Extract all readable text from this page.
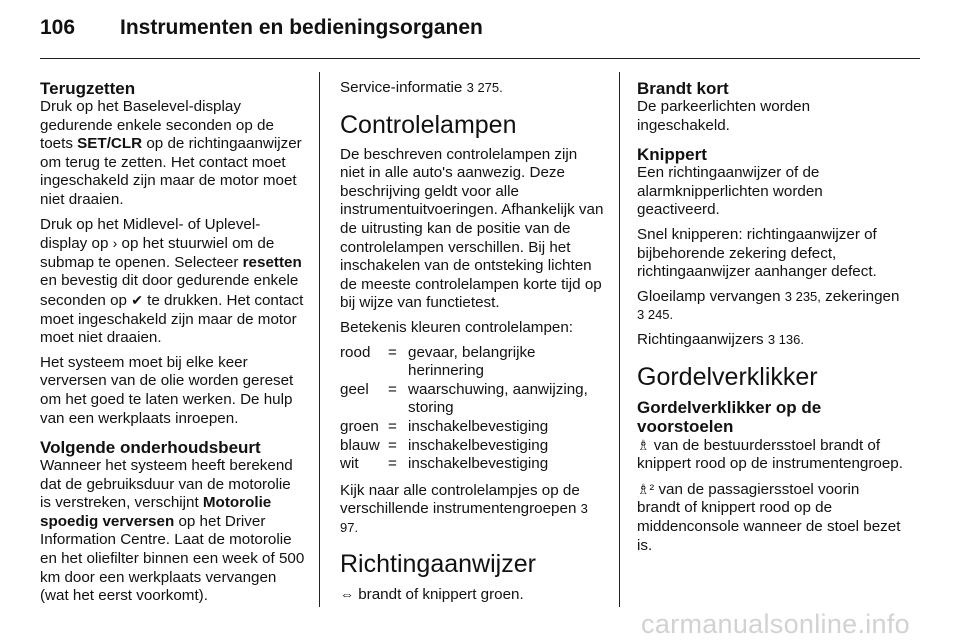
106 Instrumenten en bedieningsorganen
Terugzetten

Druk op het Baselevel-display gedurende enkele seconden op de toets SET/CLR op de richtingaanwijzer om terug te zetten. Het contact moet ingeschakeld zijn maar de motor moet niet draaien.

Druk op het Midlevel- of Uplevel-display op › op het stuurwiel om de submap te openen. Selecteer resetten en bevestig dit door gedurende enkele seconden op ✔ te drukken. Het contact moet ingeschakeld zijn maar de motor moet niet draaien.

Het systeem moet bij elke keer verversen van de olie worden gereset om het goed te laten werken. De hulp van een werkplaats inroepen.

Volgende onderhoudsbeurt

Wanneer het systeem heeft berekend dat de gebruiksduur van de motorolie is verstreken, verschijnt Motorolie spoedig verversen op het Driver Information Centre. Laat de motorolie en het oliefilter binnen een week of 500 km door een werkplaats vervangen (wat het eerst voorkomt).

Service-informatie 3 275.

Controlelampen

De beschreven controlelampen zijn niet in alle auto's aanwezig. Deze beschrijving geldt voor alle instrumentuitvoeringen. Afhankelijk van de uitrusting kan de positie van de controlelampen verschillen. Bij het inschakelen van de ontsteking lichten de meeste controlelampen korte tijd op bij wijze van functietest.

Betekenis kleuren controlelampen:

rood	=	gevaar, belangrijke herinnering
geel	=	waarschuwing, aanwijzing, storing
groen	=	inschakelbevestiging
blauw	=	inschakelbevestiging
wit	=	inschakelbevestiging

Kijk naar alle controlelampjes op de verschillende instrumentengroepen 3 97.

Richtingaanwijzer

⇔ brandt of knippert groen.

Brandt kort

De parkeerlichten worden ingeschakeld.

Knippert

Een richtingaanwijzer of de alarmknipperlichten worden geactiveerd.

Snel knipperen: richtingaanwijzer of bijbehorende zekering defect, richtingaanwijzer aanhanger defect.

Gloeilamp vervangen 3 235, zekeringen 3 245.

Richtingaanwijzers 3 136.

Gordelverklikker
Gordelverklikker op de voorstoelen

♗ van de bestuurdersstoel brandt of knippert rood op de instrumentengroep.

♗² van de passagiersstoel voorin brandt of knippert rood op de middenconsole wanneer de stoel bezet is.

carmanualsonline.info
